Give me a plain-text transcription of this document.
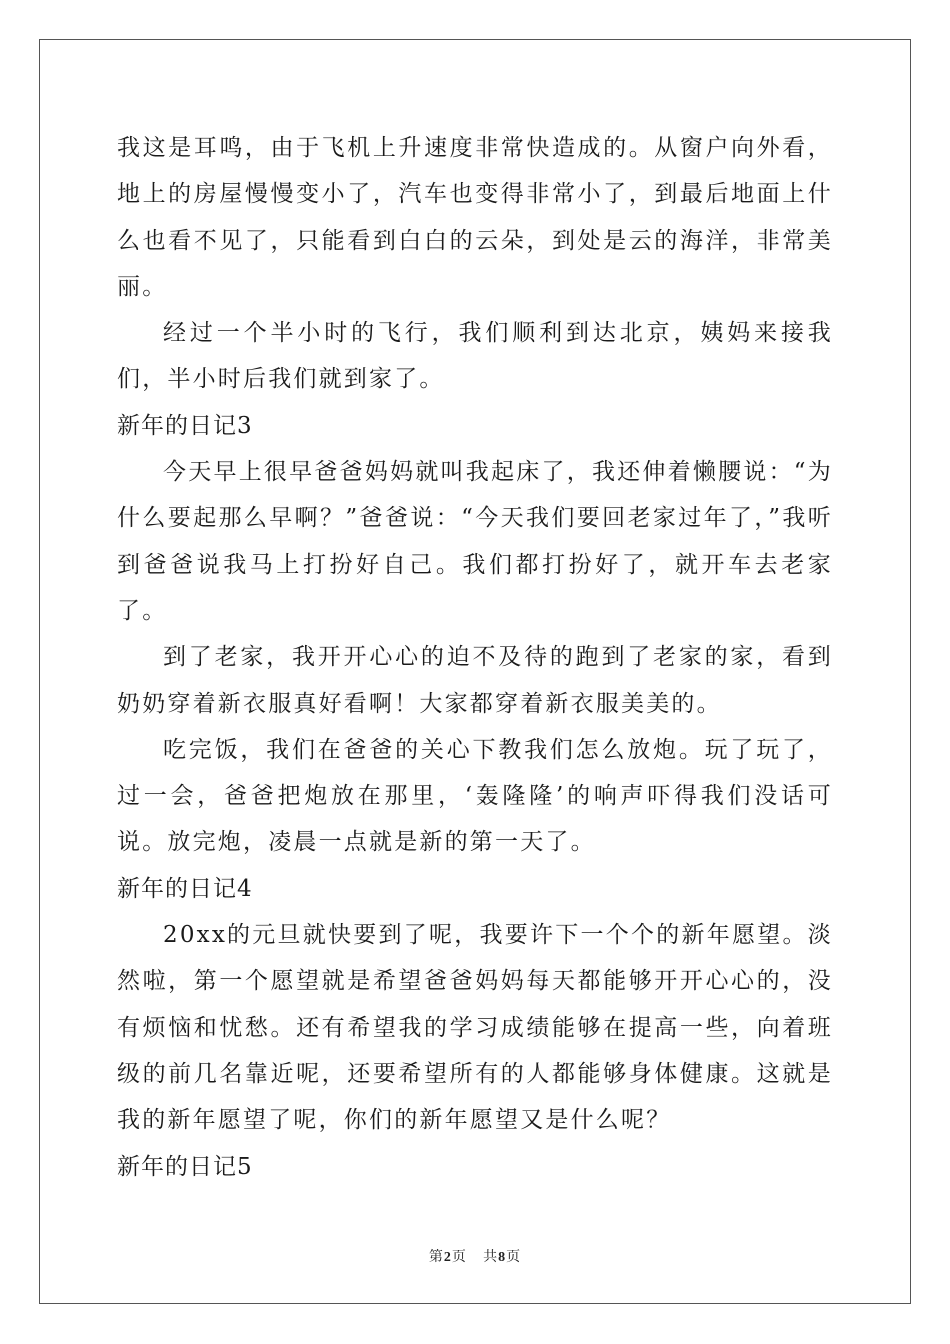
我这是耳鸣，由于飞机上升速度非常快造成的。从窗户向外看，地上的房屋慢慢变小了，汽车也变得非常小了，到最后地面上什么也看不见了，只能看到白白的云朵，到处是云的海洋，非常美丽。

经过一个半小时的飞行，我们顺利到达北京，姨妈来接我们，半小时后我们就到家了。

新年的日记3

今天早上很早爸爸妈妈就叫我起床了，我还伸着懒腰说：“为什么要起那么早啊？”爸爸说：“今天我们要回老家过年了，”我听到爸爸说我马上打扮好自己。我们都打扮好了，就开车去老家了。

到了老家，我开开心心的迫不及待的跑到了老家的家，看到奶奶穿着新衣服真好看啊！大家都穿着新衣服美美的。

吃完饭，我们在爸爸的关心下教我们怎么放炮。玩了玩了，过一会，爸爸把炮放在那里，‘轰隆隆’的响声吓得我们没话可说。放完炮，凌晨一点就是新的第一天了。

新年的日记4

20xx的元旦就快要到了呢，我要许下一个个的新年愿望。淡然啦，第一个愿望就是希望爸爸妈妈每天都能够开开心心的，没有烦恼和忧愁。还有希望我的学习成绩能够在提高一些，向着班级的前几名靠近呢，还要希望所有的人都能够身体健康。这就是我的新年愿望了呢，你们的新年愿望又是什么呢？

新年的日记5

第2页 共8页
